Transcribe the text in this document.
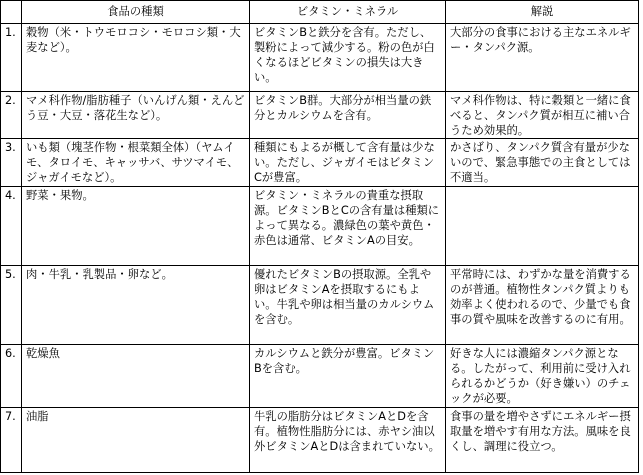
	食品の種類	ビタミン・ミネラル	解説
1.	穀物（米・トウモロコシ・モロコシ類・大麦など）。	ビタミンBと鉄分を含有。ただし、製粉によって減少する。粉の色が白くなるほどビタミンの損失は大きい。	大部分の食事における主なエネルギー・タンパク源。
2.	マメ科作物/脂肪種子（いんげん類・えんどう豆・大豆・落花生など）。	ビタミンB群。大部分が相当量の鉄分とカルシウムを含有。	マメ科作物は、特に穀類と一緒に食べると、タンパク質が相互に補い合うため効果的。
3.	いも類（塊茎作物・根菜類全体）（ヤムイモ、タロイモ、キャッサバ、サツマイモ、ジャガイモなど）。	種類にもよるが概して含有量は少ない。ただし、ジャガイモはビタミンCが豊富。	かさばり、タンパク質含有量が少ないので、緊急事態での主食としては不適当。
4.	野菜・果物。	ビタミン・ミネラルの貴重な摂取源。ビタミンBとCの含有量は種類によって異なる。濃緑色の葉や黄色・赤色は通常、ビタミンAの目安。	
5.	肉・牛乳・乳製品・卵など。	優れたビタミンBの摂取源。全乳や卵はビタミンAを摂取するにもよい。牛乳や卵は相当量のカルシウムを含む。	平常時には、わずかな量を消費するのが普通。植物性タンパク質よりも効率よく使われるので、少量でも食事の質や風味を改善するのに有用。
6.	乾燥魚	カルシウムと鉄分が豊富。ビタミンBを含む。	好きな人には濃縮タンパク源となる。したがって、利用前に受け入れられるかどうか（好き嫌い）のチェックが必要。
7.	油脂	牛乳の脂肪分はビタミンAとDを含有。植物性脂肪分には、赤ヤシ油以外ビタミンAとDは含まれていない。	食事の量を増やさずにエネルギー摂取量を増やす有用な方法。風味を良くし、調理に役立つ。
